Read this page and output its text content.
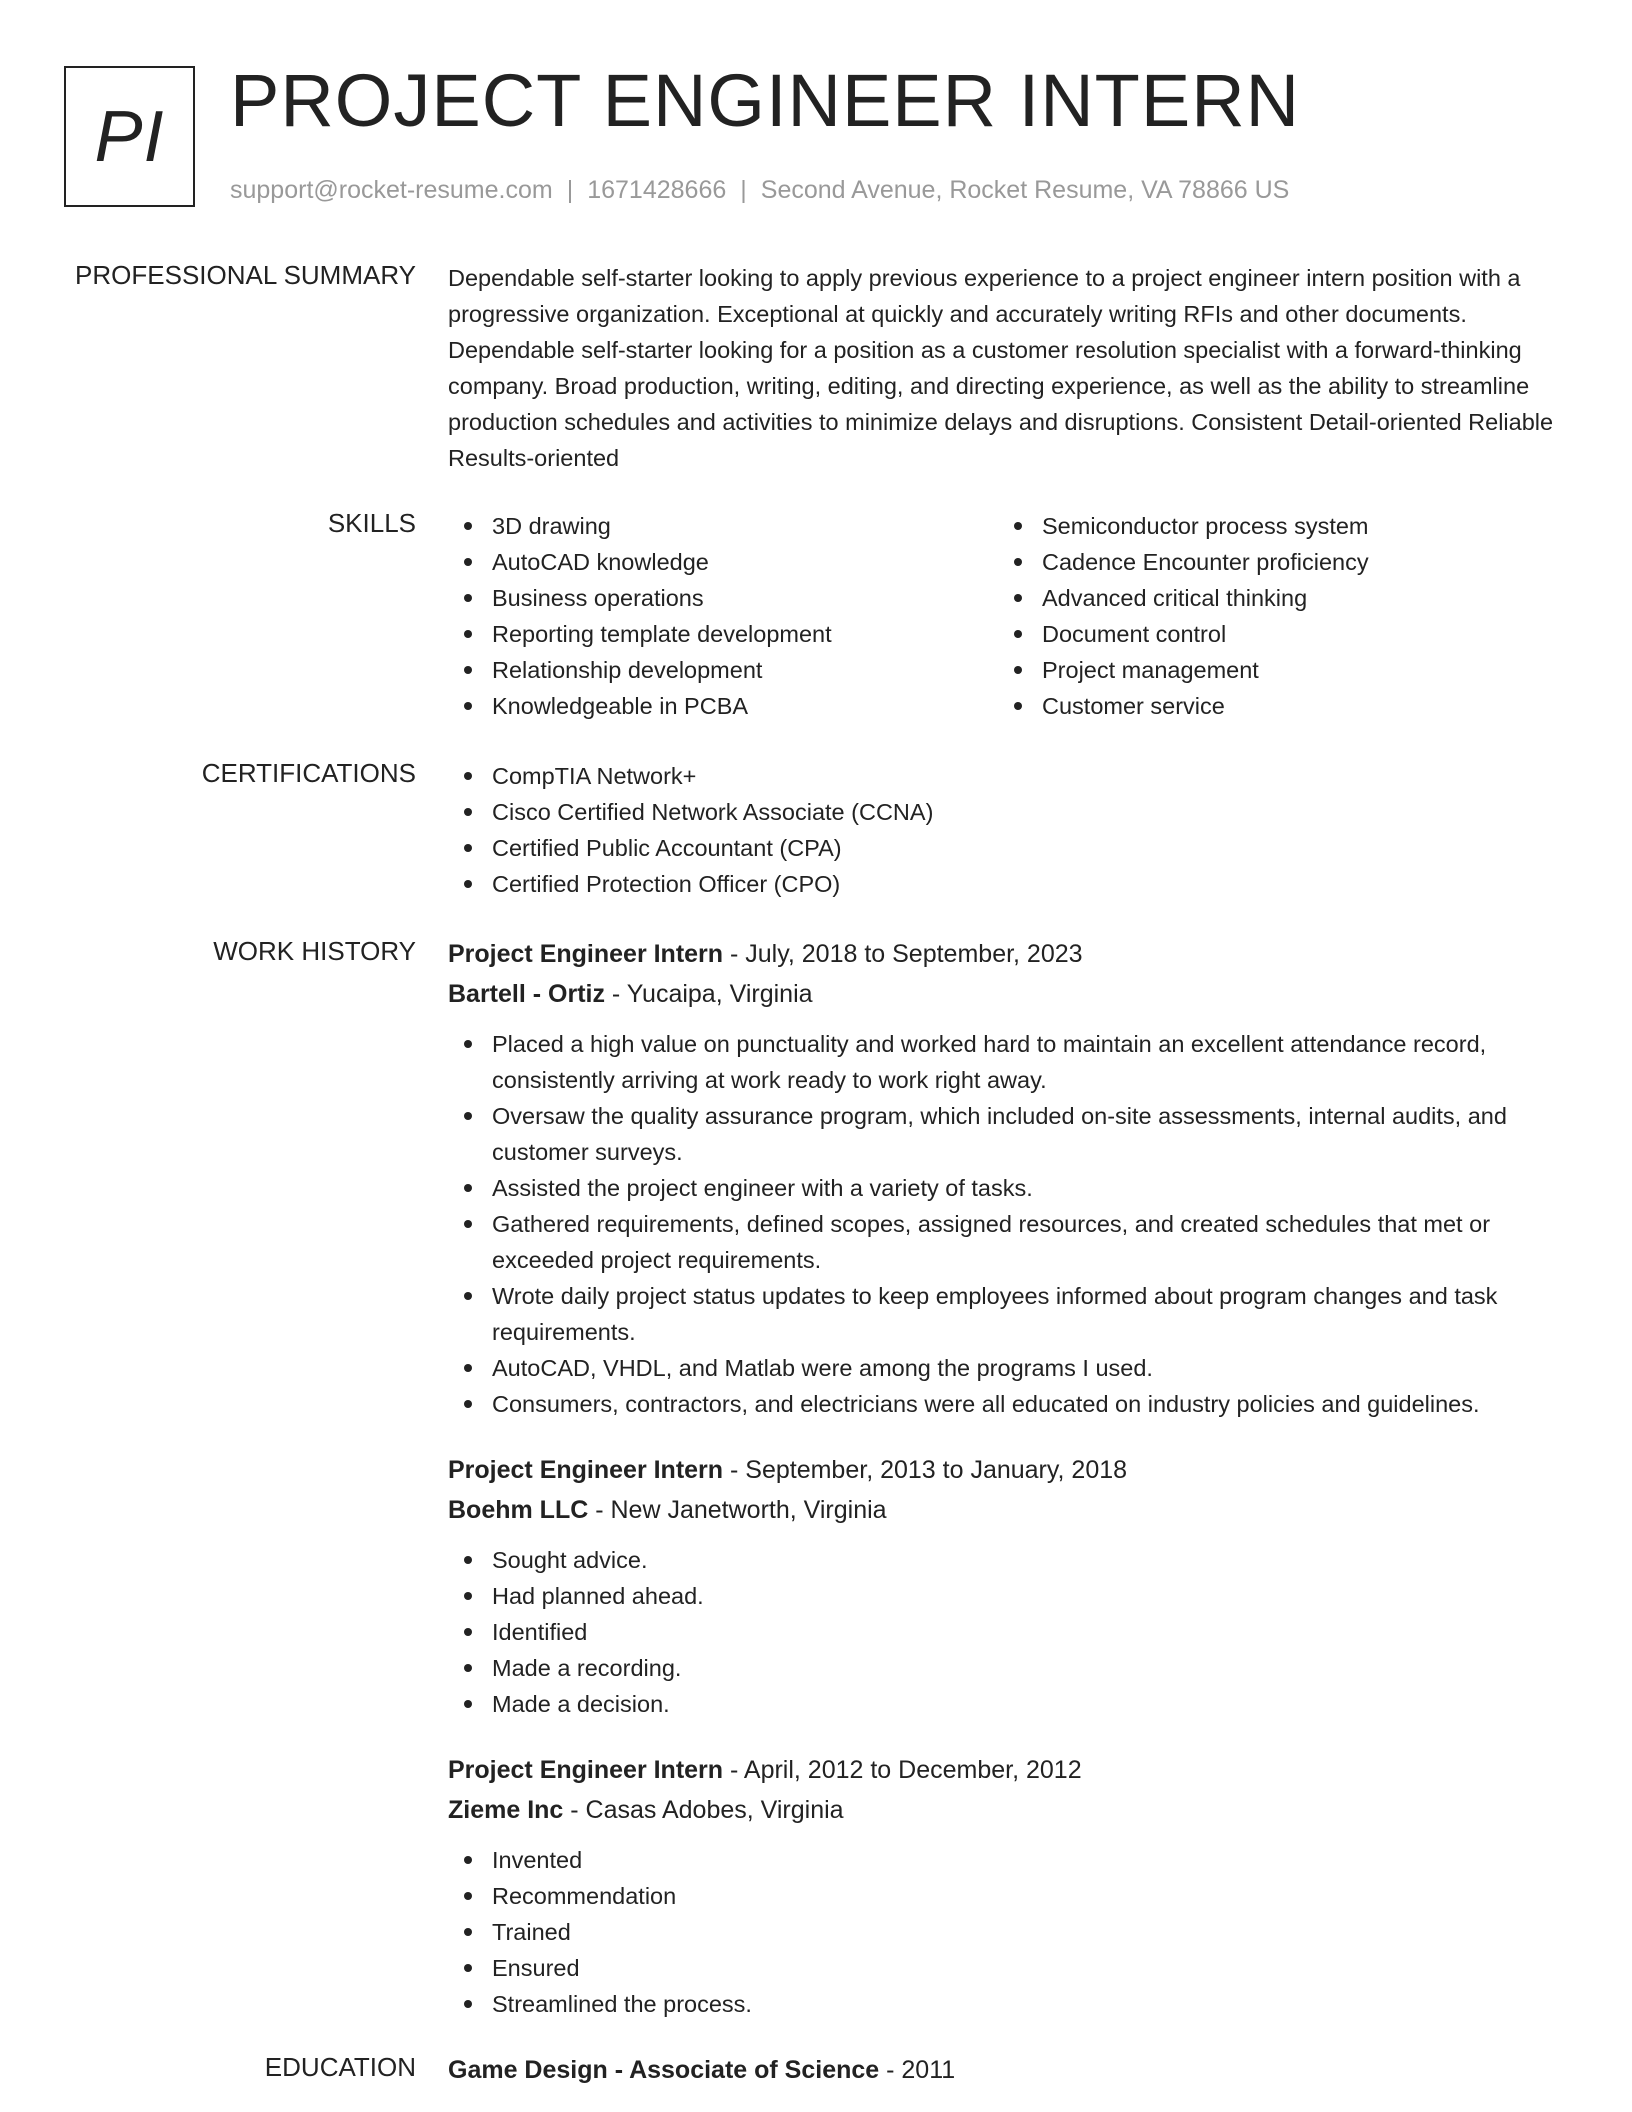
PI PROJECT ENGINEER INTERN
support@rocket-resume.com | 1671428666 | Second Avenue, Rocket Resume, VA 78866 US
PROFESSIONAL SUMMARY Dependable self-starter looking to apply previous experience to a project engineer intern position with a progressive organization. Exceptional at quickly and accurately writing RFIs and other documents. Dependable self-starter looking for a position as a customer resolution specialist with a forward-thinking company. Broad production, writing, editing, and directing experience, as well as the ability to streamline production schedules and activities to minimize delays and disruptions. Consistent Detail-oriented Reliable Results-oriented

SKILLS	3D drawing
AutoCAD knowledge
Business operations
Reporting template development
Relationship development
Knowledgeable in PCBA
Semiconductor process system
Cadence Encounter proficiency
Advanced critical thinking
Document control
Project management
Customer service
CERTIFICATIONS	CompTIA Network+
Cisco Certified Network Associate (CCNA)
Certified Public Accountant (CPA)
Certified Protection Officer (CPO)
WORK HISTORY Project Engineer Intern - July, 2018 to September, 2023
Bartell - Ortiz - Yucaipa, Virginia
Placed a high value on punctuality and worked hard to maintain an excellent attendance record, consistently arriving at work ready to work right away.
Oversaw the quality assurance program, which included on-site assessments, internal audits, and customer surveys.
Assisted the project engineer with a variety of tasks.
Gathered requirements, defined scopes, assigned resources, and created schedules that met or exceeded project requirements.
Wrote daily project status updates to keep employees informed about program changes and task requirements.
AutoCAD, VHDL, and Matlab were among the programs I used.
Consumers, contractors, and electricians were all educated on industry policies and guidelines.
Project Engineer Intern - September, 2013 to January, 2018
Boehm LLC - New Janetworth, Virginia
Sought advice.
Had planned ahead.
Identified
Made a recording.
Made a decision.
Project Engineer Intern - April, 2012 to December, 2012
Zieme Inc - Casas Adobes, Virginia
Invented
Recommendation
Trained
Ensured
Streamlined the process.
EDUCATION Game Design - Associate of Science - 2011
